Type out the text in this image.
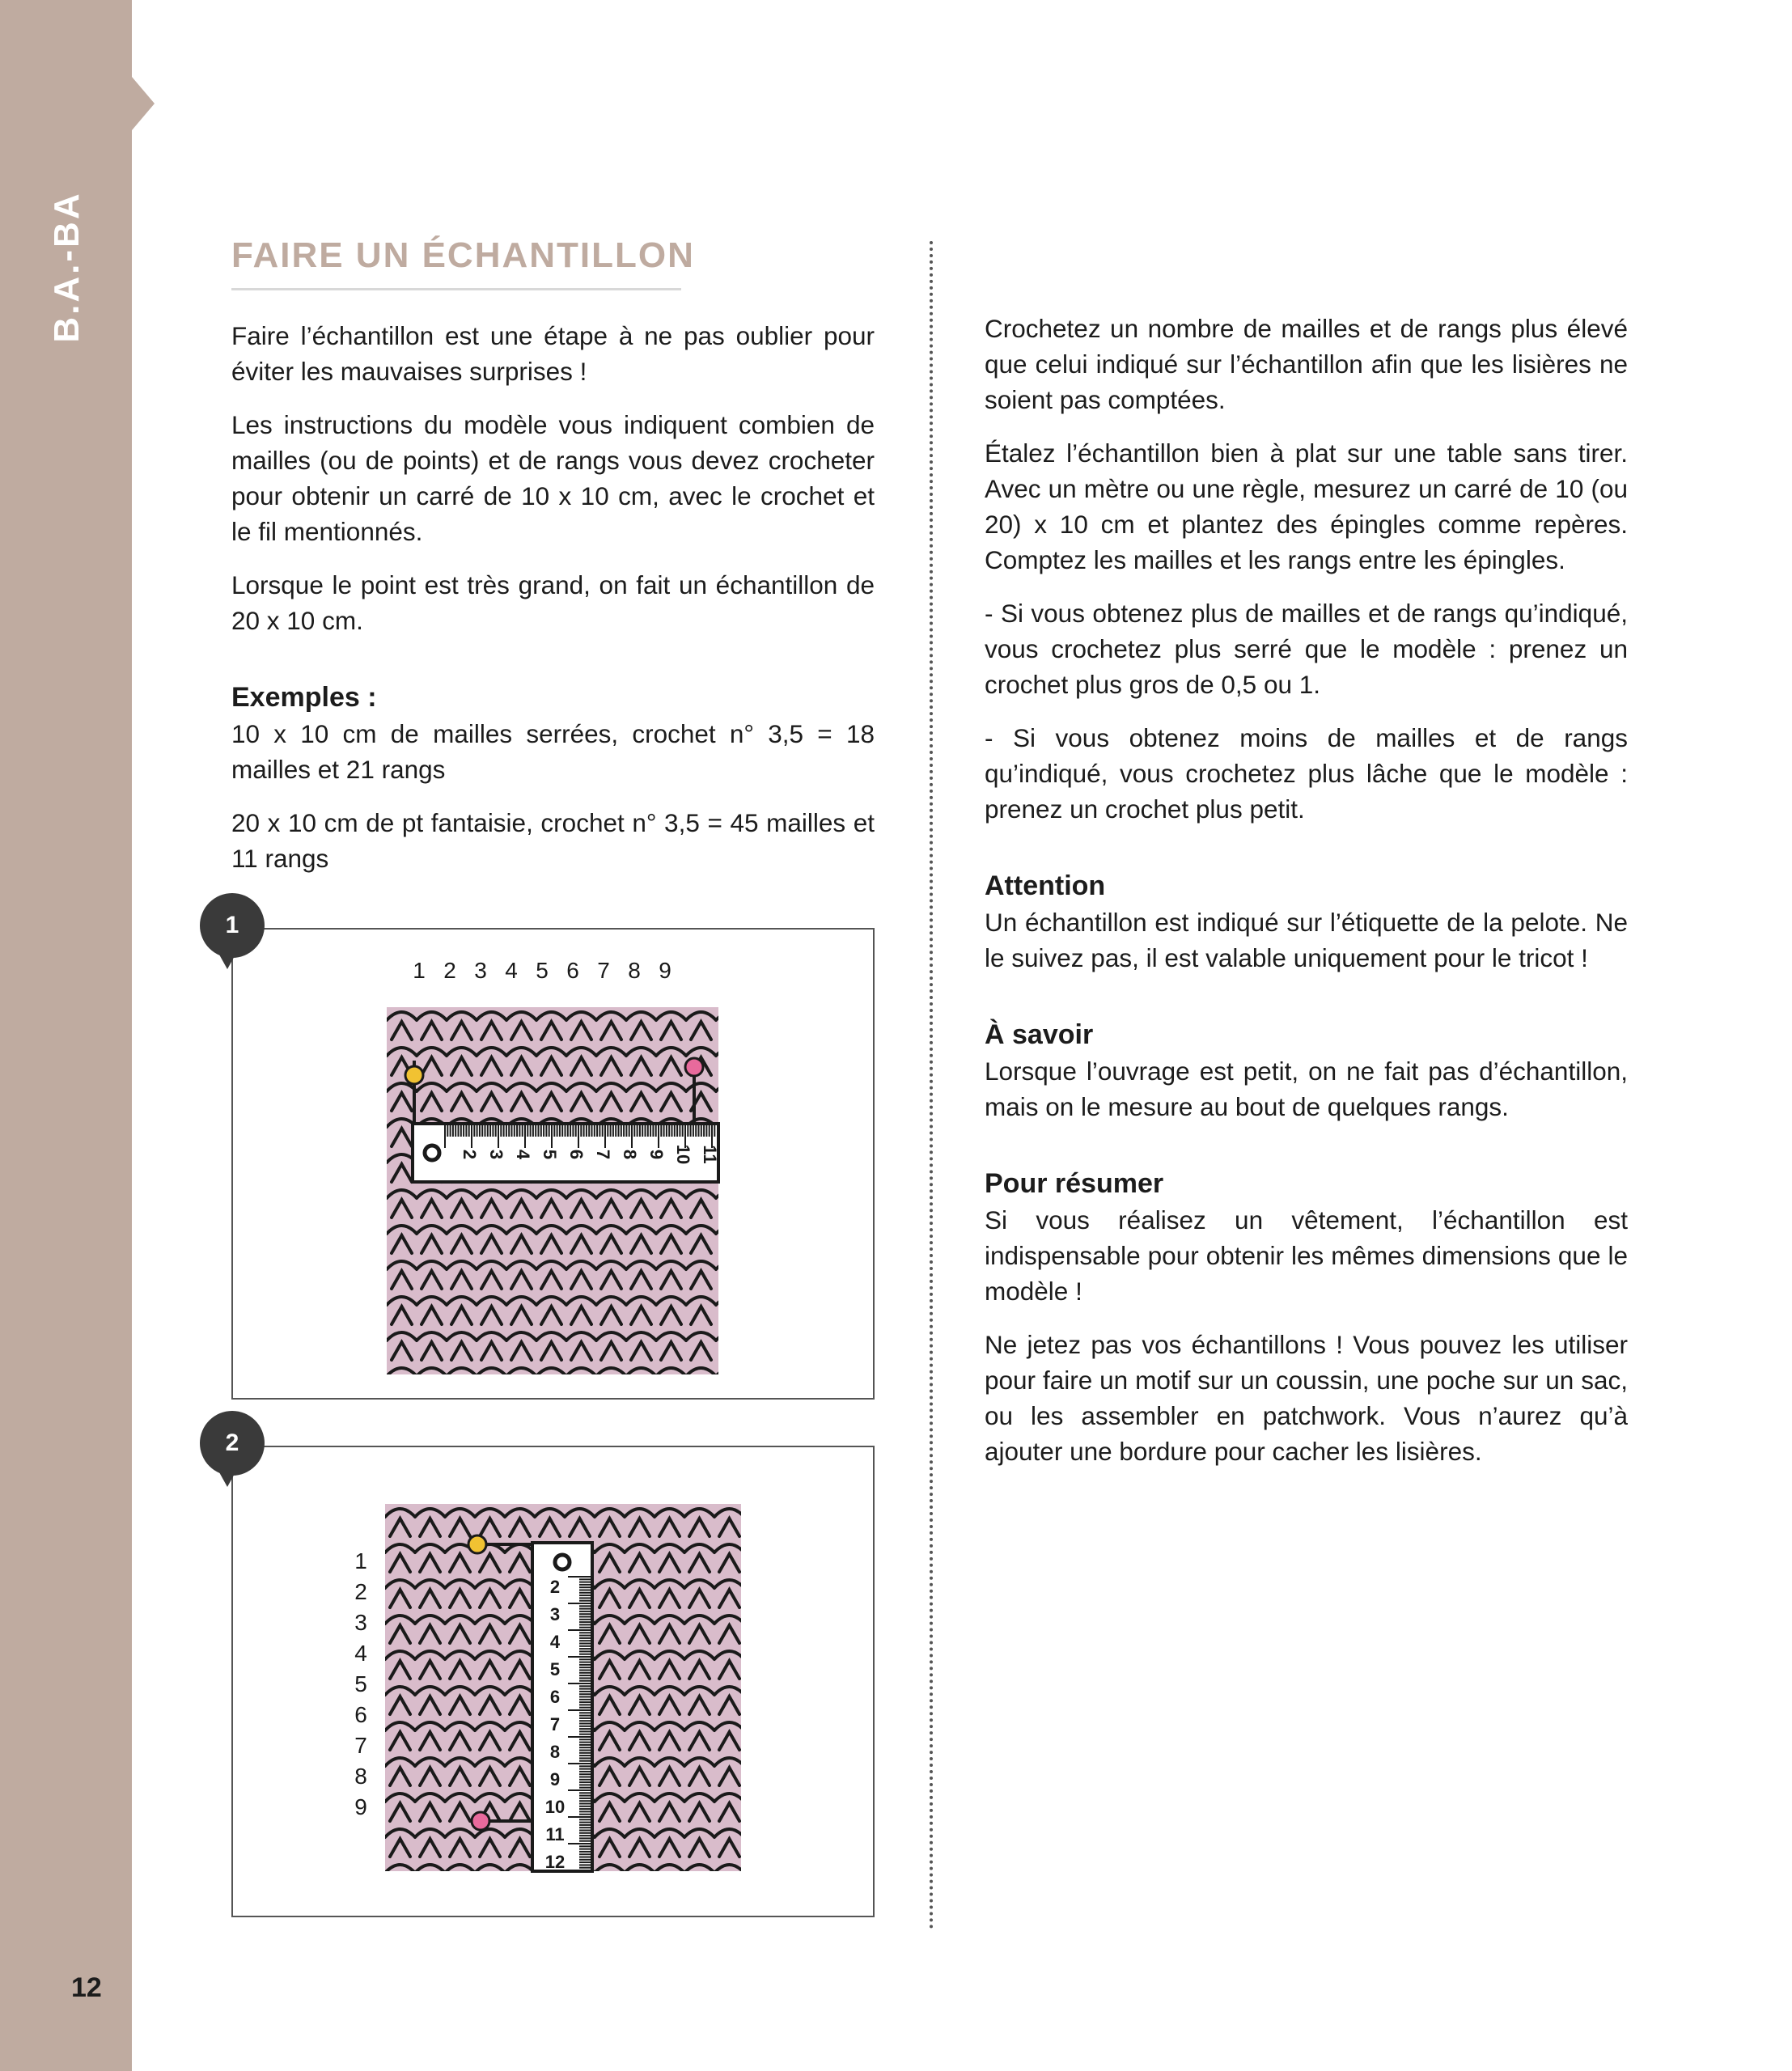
B.A.-BA
12
FAIRE UN ÉCHANTILLON

Faire l’échantillon est une étape à ne pas oublier pour éviter les mauvaises surprises !

Les instructions du modèle vous indiquent combien de mailles (ou de points) et de rangs vous devez crocheter pour obtenir un carré de 10 x 10 cm, avec le crochet et le fil mentionnés.

Lorsque le point est très grand, on fait un échantillon de 20 x 10 cm.

Exemples :

10 x 10 cm de mailles serrées, crochet n° 3,5 = 18 mailles et 21 rangs

20 x 10 cm de pt fantaisie, crochet n° 3,5 = 45 mailles et 11 rangs

Crochetez un nombre de mailles et de rangs plus élevé que celui indiqué sur l’échantillon afin que les lisières ne soient pas comptées.

Étalez l’échantillon bien à plat sur une table sans tirer. Avec un mètre ou une règle, mesurez un carré de 10 (ou 20) x 10 cm et plantez des épingles comme repères. Comptez les mailles et les rangs entre les épingles.

- Si vous obtenez plus de mailles et de rangs qu’indiqué, vous crochetez plus serré que le modèle : prenez un crochet plus gros de 0,5 ou 1.

- Si vous obtenez moins de mailles et de rangs qu’indiqué, vous crochetez plus lâche que le modèle : prenez un crochet plus petit.

Attention

Un échantillon est indiqué sur l’étiquette de la pelote. Ne le suivez pas, il est valable uniquement pour le tricot !

À savoir

Lorsque l’ouvrage est petit, on ne fait pas d’échantillon, mais on le mesure au bout de quelques rangs.

Pour résumer

Si vous réalisez un vêtement, l’échantillon est indispensable pour obtenir les mêmes dimensions que le modèle !

Ne jetez pas vos échantillons ! Vous pouvez les utiliser pour faire un motif sur un coussin, une poche sur un sac, ou les assembler en patchwork. Vous n’aurez qu’à ajouter une bordure pour cacher les lisières.

1 2 3 4 5 6 7 8 9
2 3 4 5 6 7 8 9 10 11
1
1
2
3
4
5
6
7
8
9
2
3
4
5
6
7
8
9
10
11
12
2
